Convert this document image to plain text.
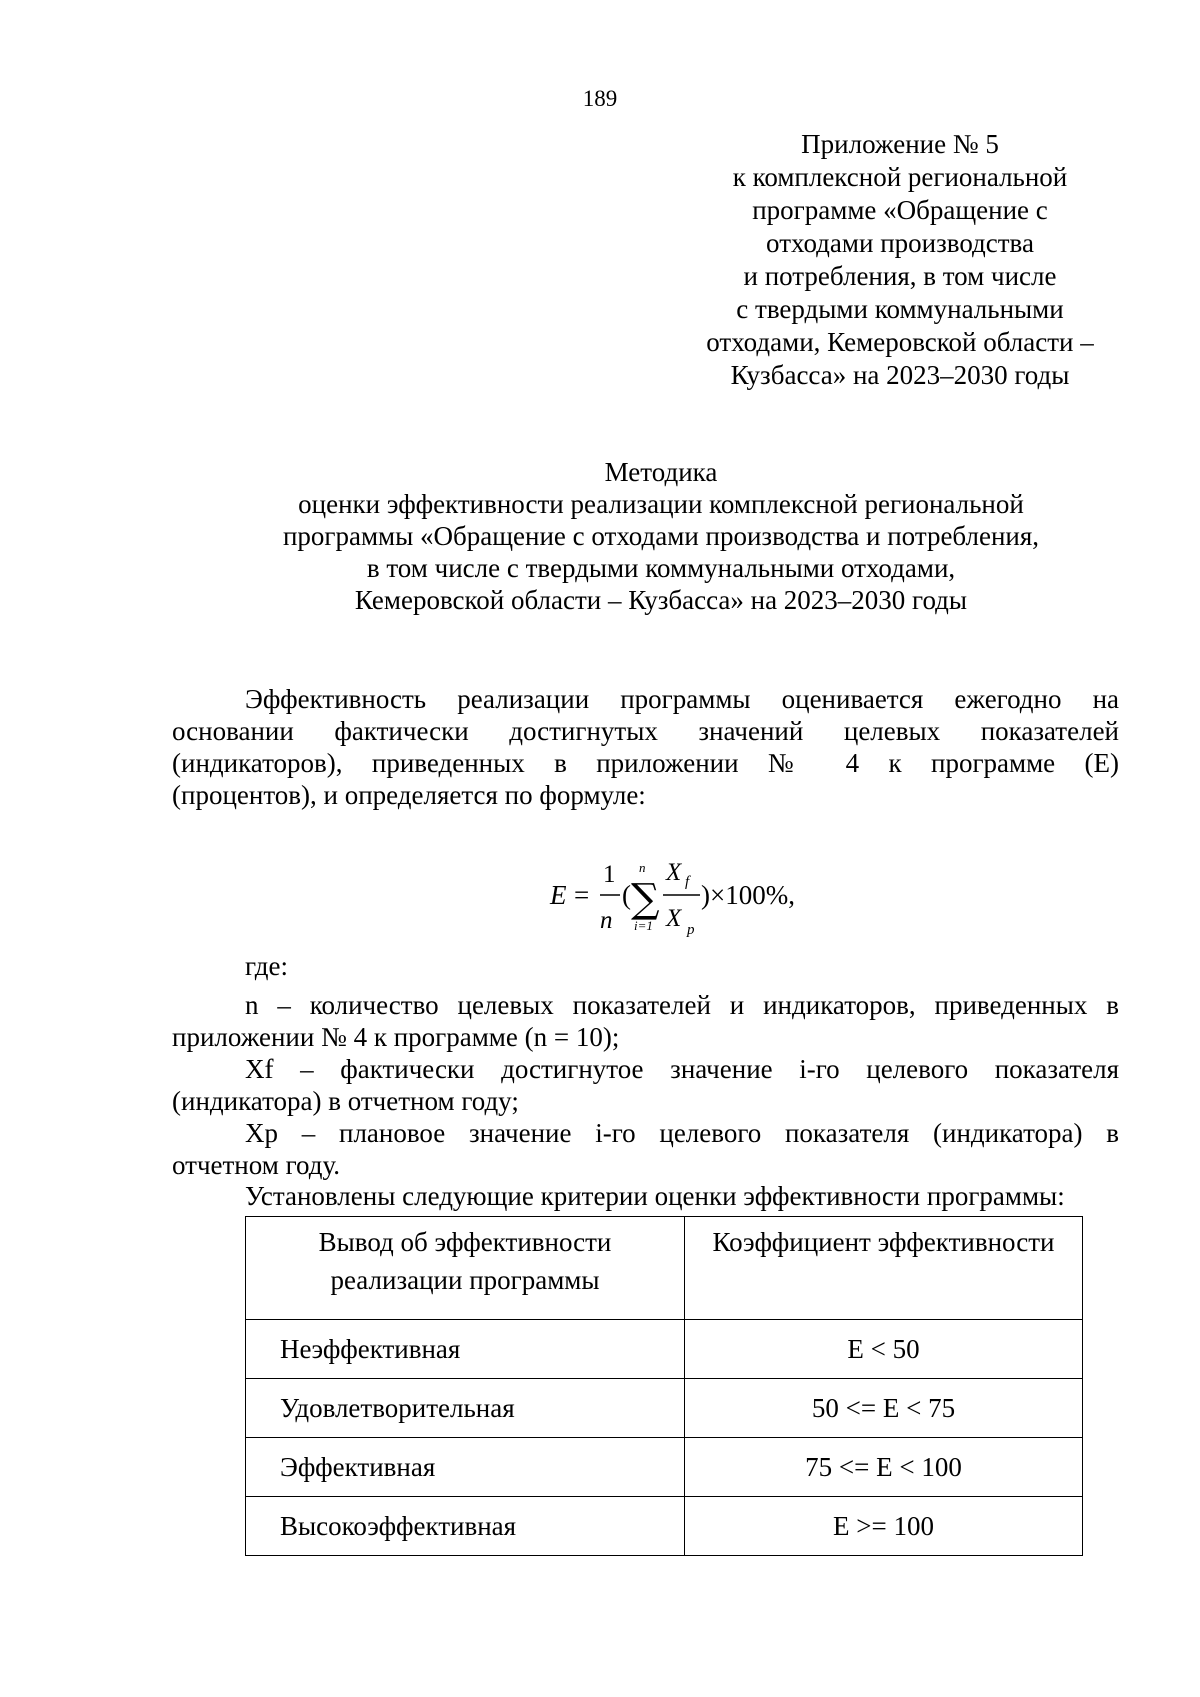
189
Приложение № 5
к комплексной региональной
программе «Обращение с
отходами производства
и потребления, в том числе
с твердыми коммунальными
отходами, Кемеровской области –
Кузбасса» на 2023–2030 годы
Методика
оценки эффективности реализации комплексной региональной
программы «Обращение с отходами производства и потребления,
в том числе с твердыми коммунальными отходами,
Кемеровской области – Кузбасса» на 2023–2030 годы
Эффективность реализации программы оценивается ежегодно на
основании фактически достигнутых значений целевых показателей
(индикаторов), приведенных в приложении № 4 к программе (Е)
(процентов), и определяется по формуле:
E =
1
n
(
n
∑
i=1
X f
X p
)×100%,
где:
n – количество целевых показателей и индикаторов, приведенных в
приложении № 4 к программе (n = 10);
Xf – фактически достигнутое значение i-го целевого показателя
(индикатора) в отчетном году;
Xp – плановое значение i-го целевого показателя (индикатора) в
отчетном году.
Установлены следующие критерии оценки эффективности программы:
Вывод об эффективности
реализации программы	Коэффициент эффективности
Неэффективная	E < 50
Удовлетворительная	50 <= E < 75
Эффективная	75 <= E < 100
Высокоэффективная	E >= 100
